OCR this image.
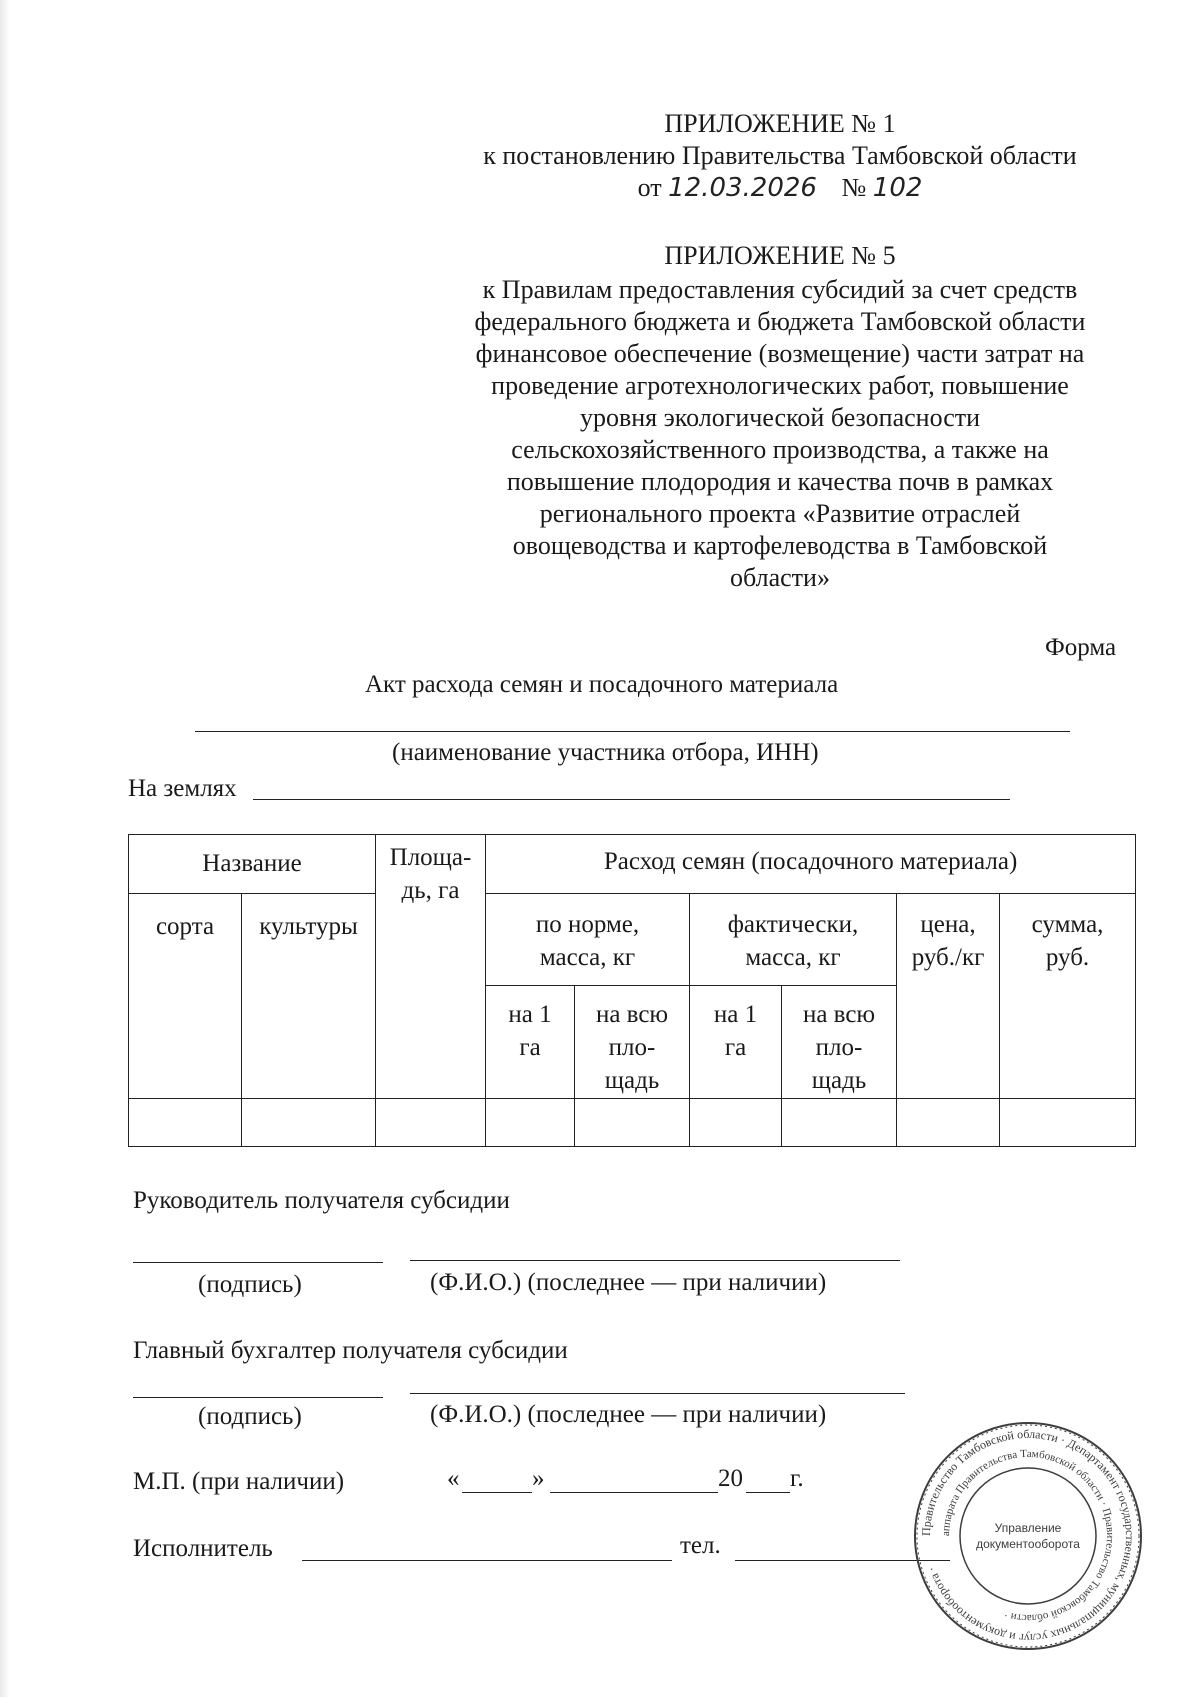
ПРИЛОЖЕНИЕ № 1
к постановлению Правительства Тамбовской области
от 12.03.2026 № 102
ПРИЛОЖЕНИЕ № 5
к Правилам предоставления субсидий за счет средств
федерального бюджета и бюджета Тамбовской области
финансовое обеспечение (возмещение) части затрат на
проведение агротехнологических работ, повышение
уровня экологической безопасности
сельскохозяйственного производства, а также на
повышение плодородия и качества почв в рамках
регионального проекта «Развитие отраслей
овощеводства и картофелеводства в Тамбовской
области»
Форма
Акт расхода семян и посадочного материала
(наименование участника отбора, ИНН)
На землях
Название		Площа-дь, га	Расход семян (посадочного материала)					
сорта	культуры		по норме, масса, кг		фактически, масса, кг		цена, руб./кг	сумма, руб.
			на 1 га	на всю пло-щадь	на 1 га	на всю пло-щадь		

Руководитель получателя субсидии
(подпись)	(Ф.И.О.) (последнее — при наличии)
Главный бухгалтер получателя субсидии
(подпись)	(Ф.И.О.) (последнее — при наличии)
М.П. (при наличии)	«	»	20 г.
Исполнитель	тел.
Правительство Тамбовской области · Департамент государственных, муниципальных услуг и документооборота ·
аппарата Правительства Тамбовской области · Правительство Тамбовской области ·
Управление
документооборота
